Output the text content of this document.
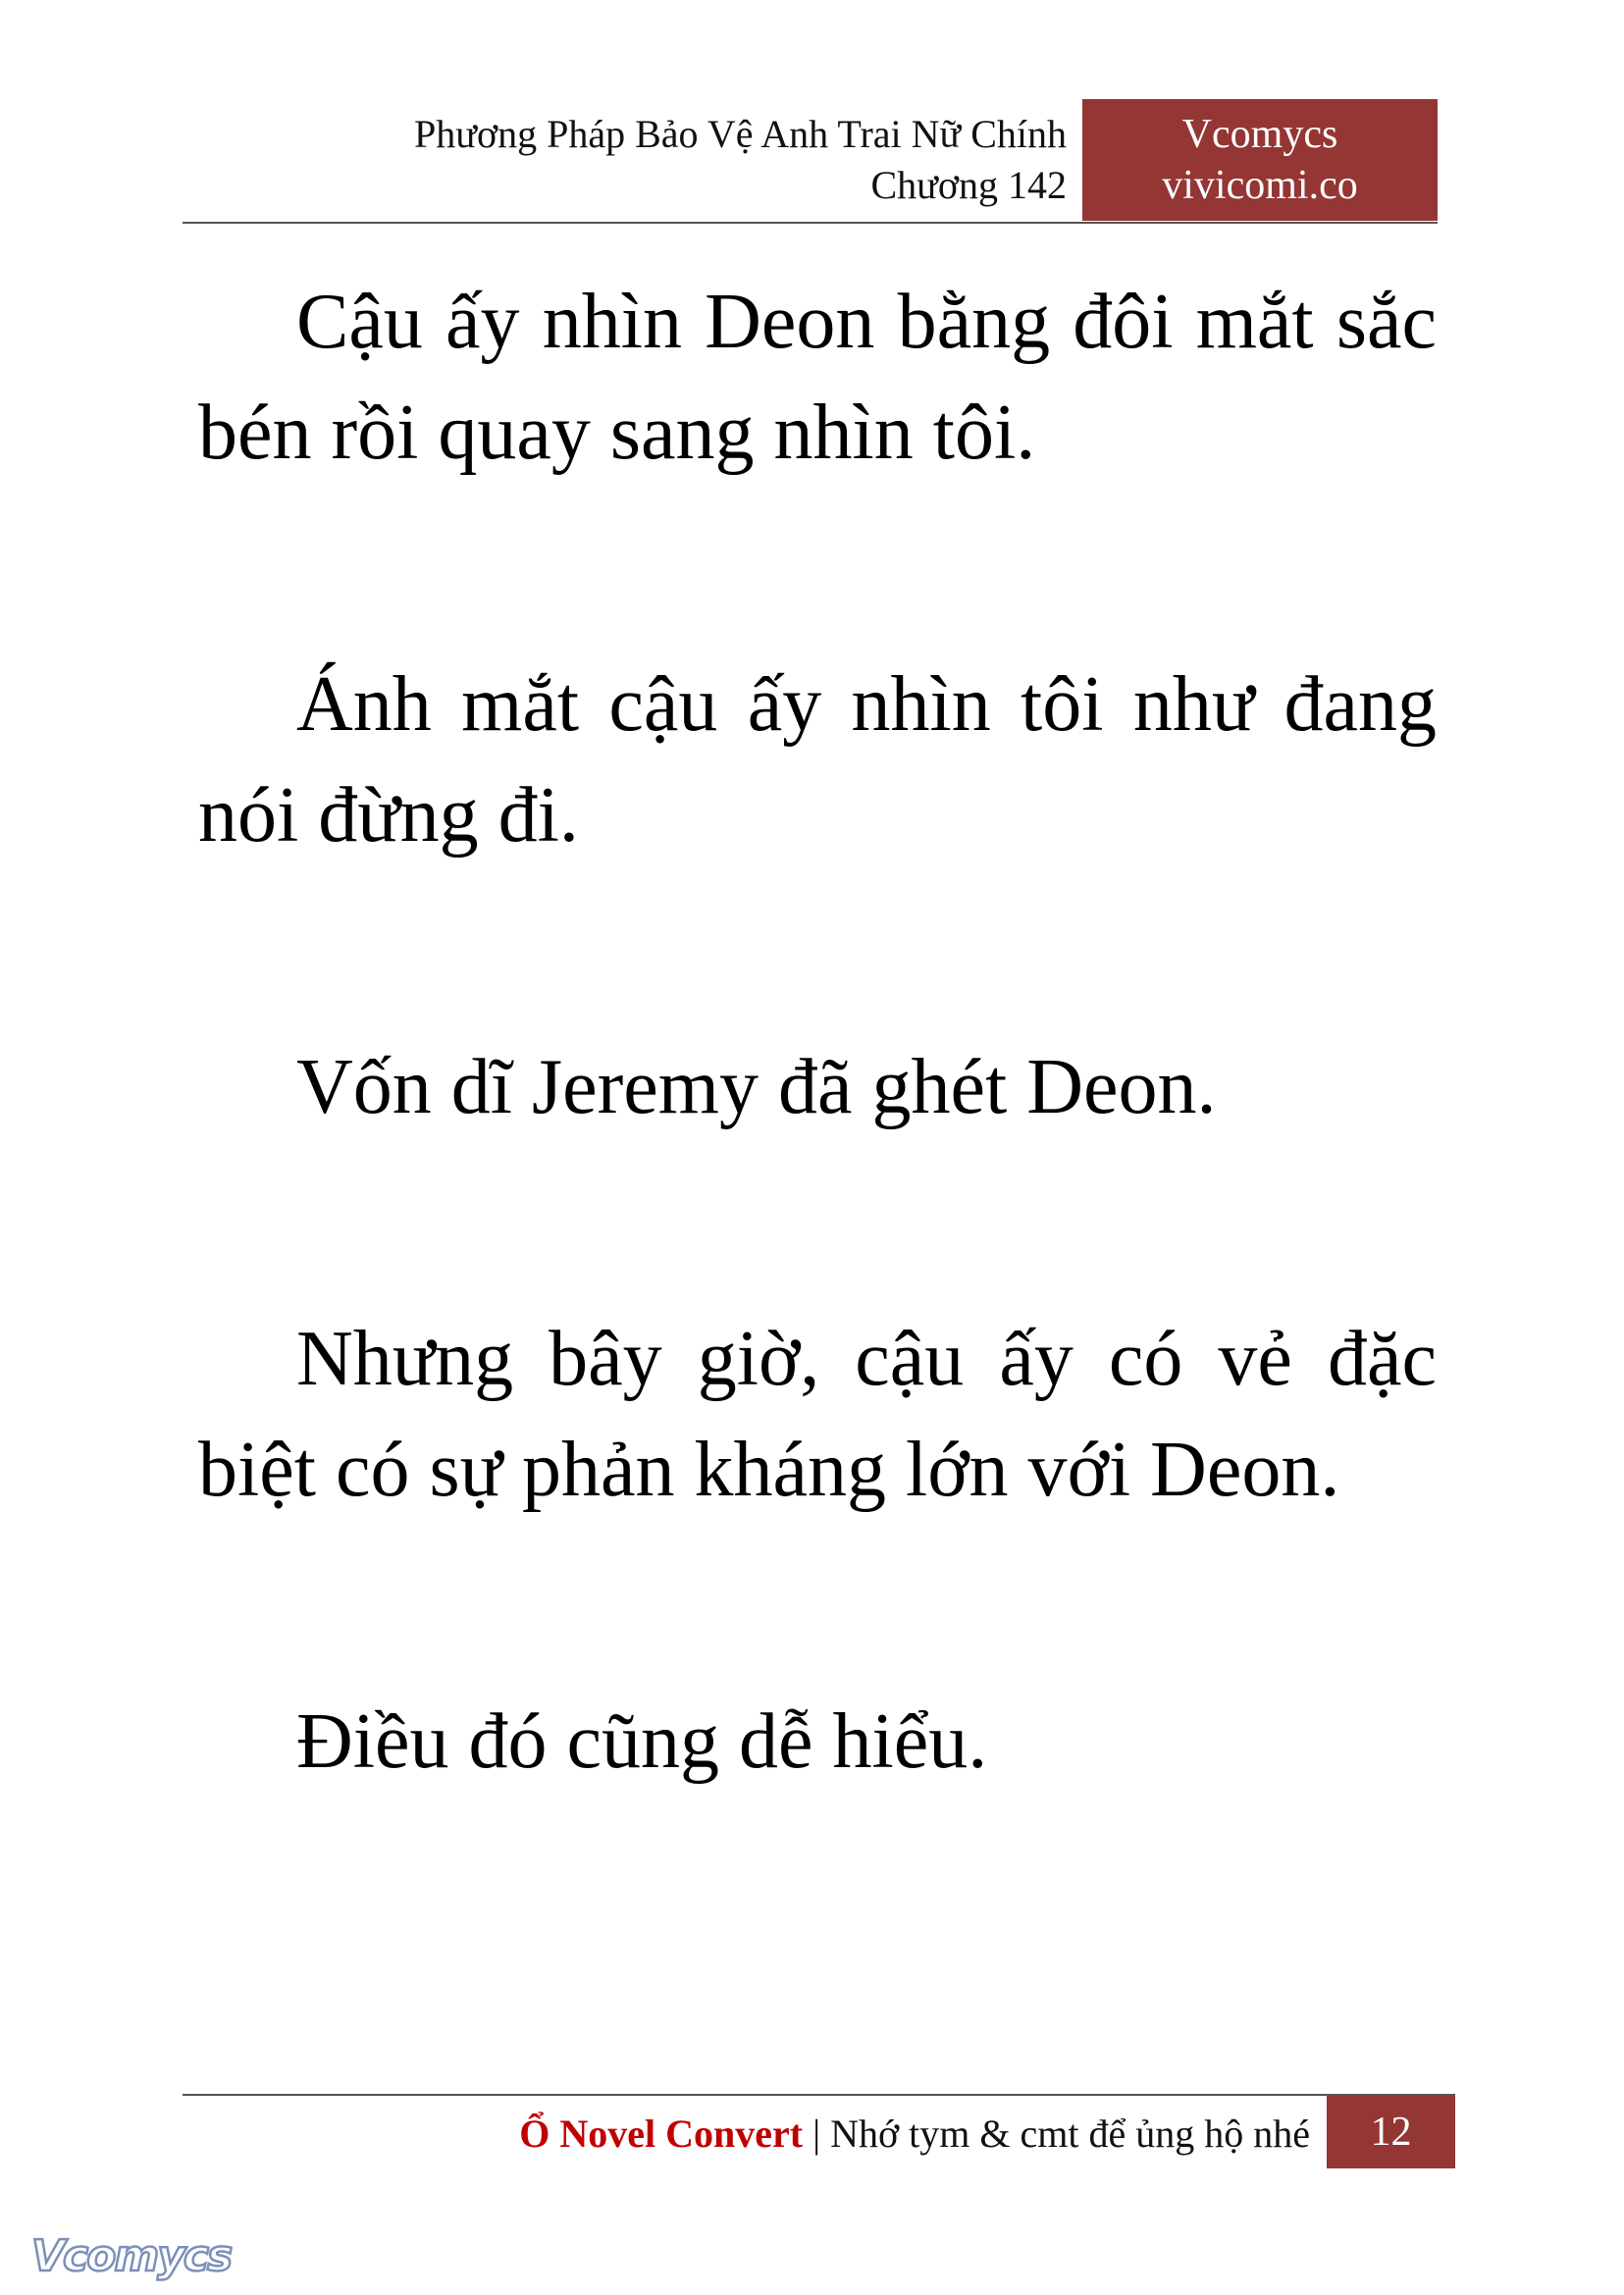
Phương Pháp Bảo Vệ Anh Trai Nữ Chính
Chương 142
Vcomycs
vivicomi.co

Cậu ấy nhìn Deon bằng đôi mắt sắc bén rồi quay sang nhìn tôi.

Ánh mắt cậu ấy nhìn tôi như đang nói đừng đi.

Vốn dĩ Jeremy đã ghét Deon.

Nhưng bây giờ, cậu ấy có vẻ đặc biệt có sự phản kháng lớn với Deon.

Điều đó cũng dễ hiểu.

Ổ Novel Convert | Nhớ tym & cmt để ủng hộ nhé	12
Vcomycs
